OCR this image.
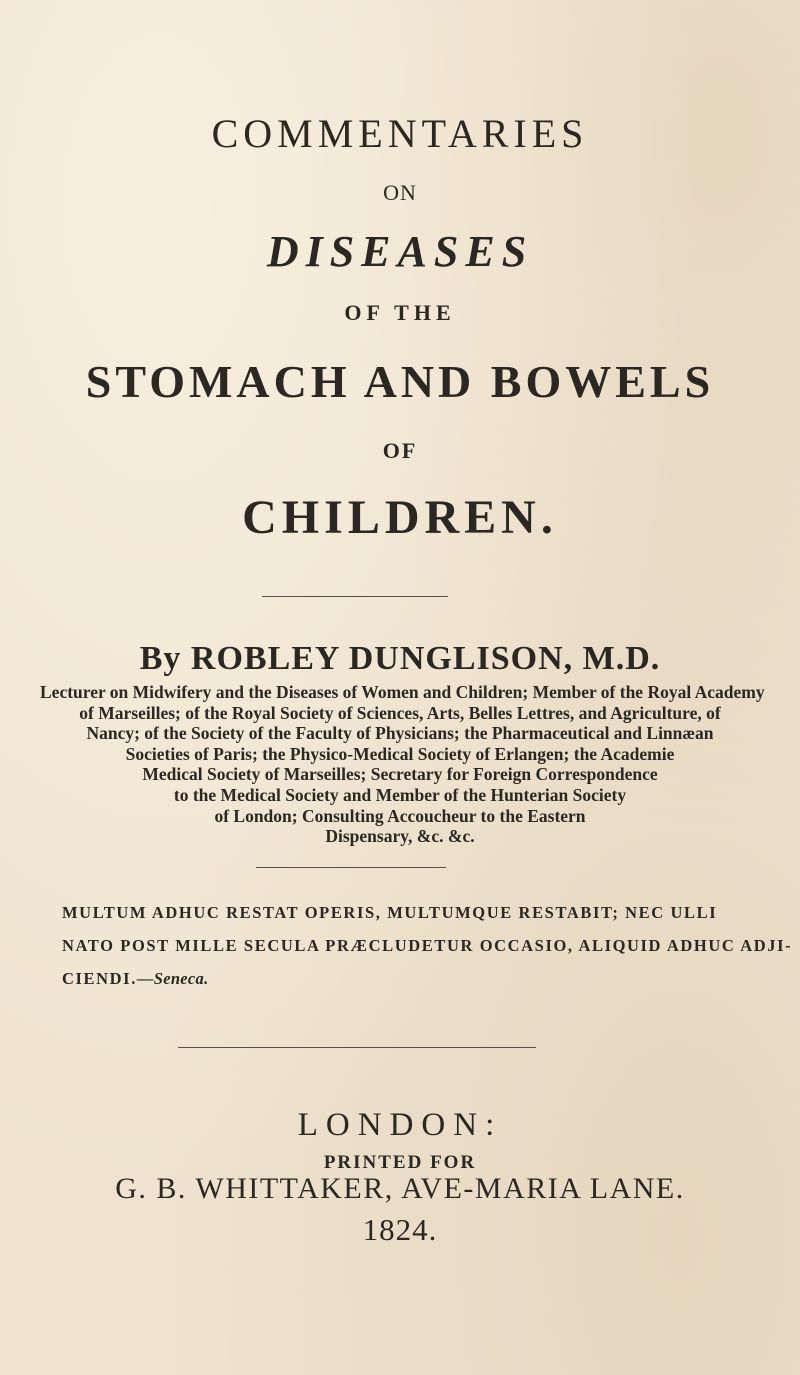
COMMENTARIES
ON
DISEASES
OF THE
STOMACH AND BOWELS
OF
CHILDREN.
By ROBLEY DUNGLISON, M.D.
Lecturer on Midwifery and the Diseases of Women and Children; Member of the Royal Academy
of Marseilles; of the Royal Society of Sciences, Arts, Belles Lettres, and Agriculture, of
Nancy; of the Society of the Faculty of Physicians; the Pharmaceutical and Linnæan
Societies of Paris; the Physico-Medical Society of Erlangen; the Academie
Medical Society of Marseilles; Secretary for Foreign Correspondence
to the Medical Society and Member of the Hunterian Society
of London; Consulting Accoucheur to the Eastern
Dispensary, &c. &c.
MULTUM ADHUC RESTAT OPERIS, MULTUMQUE RESTABIT; NEC ULLI
NATO POST MILLE SECULA PRÆCLUDETUR OCCASIO, ALIQUID ADHUC ADJI-
CIENDI.—Seneca.
LONDON:
PRINTED FOR
G. B. WHITTAKER, AVE-MARIA LANE.
1824.
